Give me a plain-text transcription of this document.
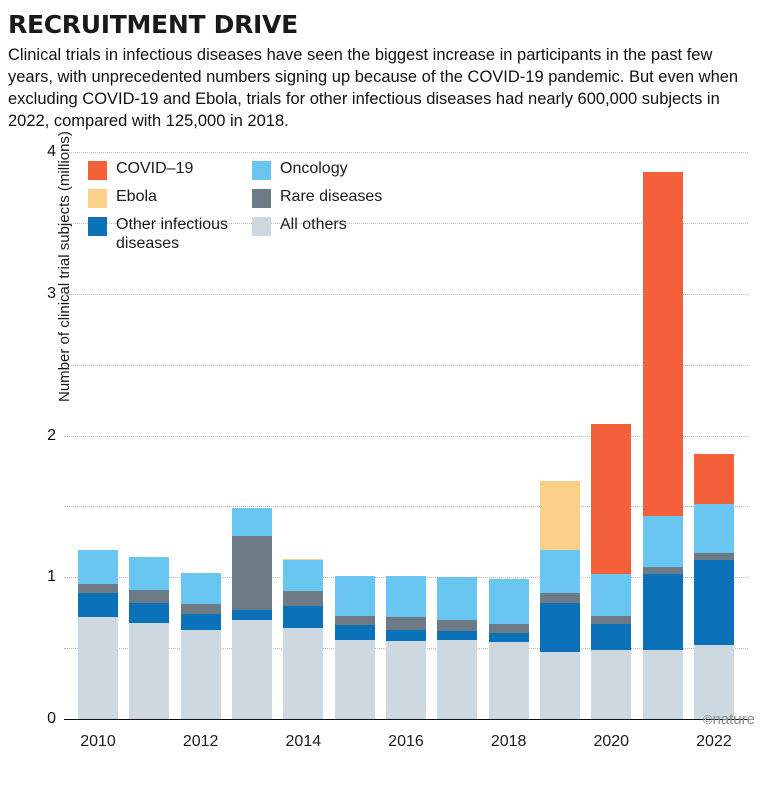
RECRUITMENT DRIVE
Clinical trials in infectious diseases have seen the biggest increase in participants in the past few years, with unprecedented numbers signing up because of the COVID-19 pandemic. But even when excluding COVID-19 and Ebola, trials for other infectious diseases had nearly 600,000 subjects in 2022, compared with 125,000 in 2018.
Number of clinical trial subjects (millions)
0
1
2
3
4
2010	2012	2014	2016	2018	2020	2022
COVID–19	Oncology
Ebola	Rare diseases
Other infectious diseases
All others
©nature
